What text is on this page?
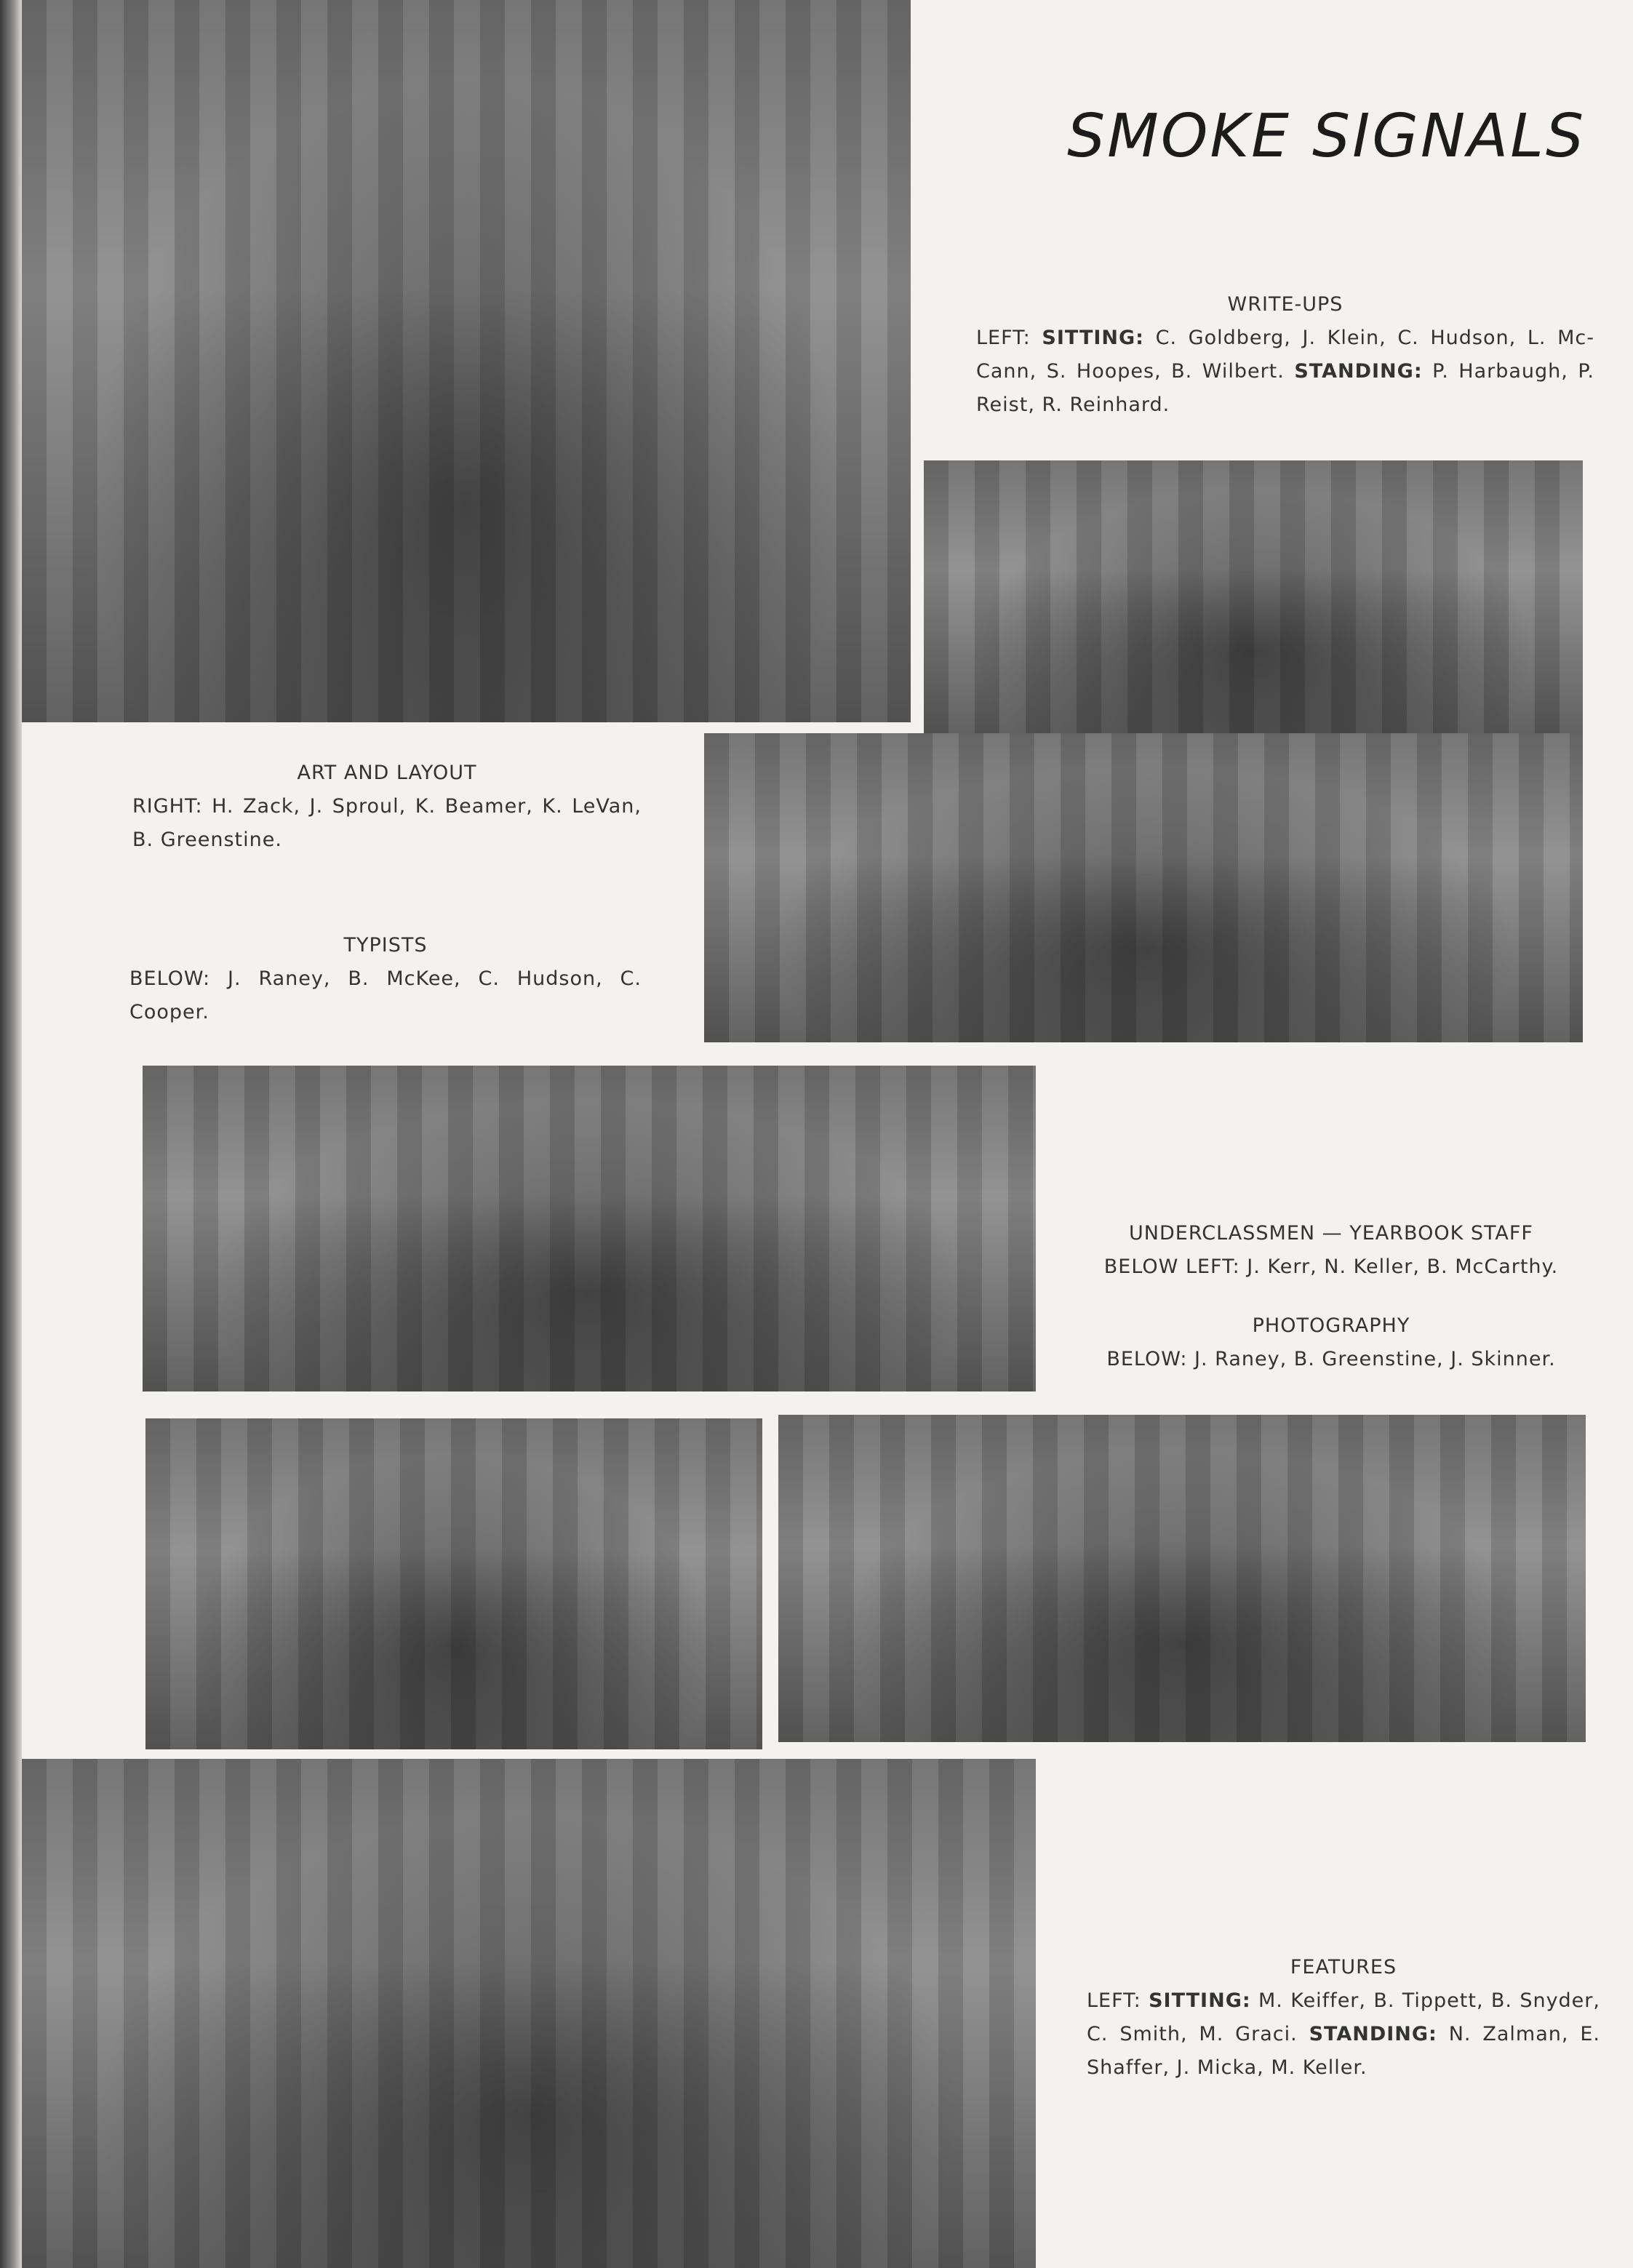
SMOKE SIGNALS
WRITE-UPS
LEFT: SITTING: C. Goldberg, J. Klein, C. Hudson, L. Mc-Cann, S. Hoopes, B. Wilbert. STANDING: P. Harbaugh, P. Reist, R. Reinhard.
ART AND LAYOUT
RIGHT: H. Zack, J. Sproul, K. Beamer, K. LeVan, B. Greenstine.
TYPISTS
BELOW: J. Raney, B. McKee, C. Hudson, C. Cooper.
UNDERCLASSMEN — YEARBOOK STAFF
BELOW LEFT: J. Kerr, N. Keller, B. McCarthy.
PHOTOGRAPHY
BELOW: J. Raney, B. Greenstine, J. Skinner.
FEATURES
LEFT: SITTING: M. Keiffer, B. Tippett, B. Snyder, C. Smith, M. Graci. STANDING: N. Zalman, E. Shaffer, J. Micka, M. Keller.
